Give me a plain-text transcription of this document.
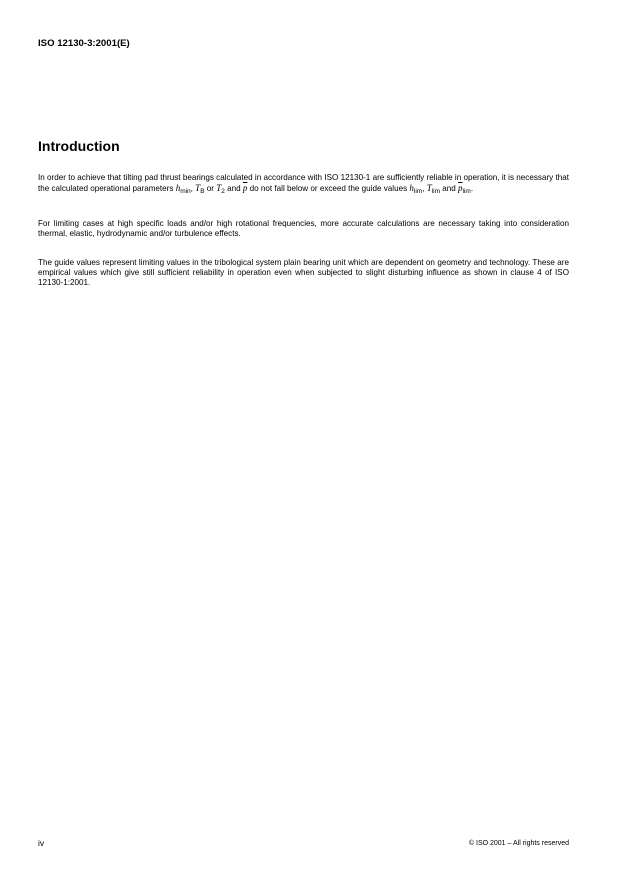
ISO 12130-3:2001(E)
Introduction

In order to achieve that tilting pad thrust bearings calculated in accordance with ISO 12130-1 are sufficiently reliable in operation, it is necessary that the calculated operational parameters $h_{min}$, $T_B$ or $T_2$ and $\overline{p}$ do not fall below or exceed the guide values $h_{lim}$, $T_{lim}$ and $\overline{p}_{lim}$.

For limiting cases at high specific loads and/or high rotational frequencies, more accurate calculations are necessary taking into consideration thermal, elastic, hydrodynamic and/or turbulence effects.

The guide values represent limiting values in the tribological system plain bearing unit which are dependent on geometry and technology. These are empirical values which give still sufficient reliability in operation even when subjected to slight disturbing influence as shown in clause 4 of ISO 12130-1:2001.

iv	© ISO 2001 – All rights reserved
